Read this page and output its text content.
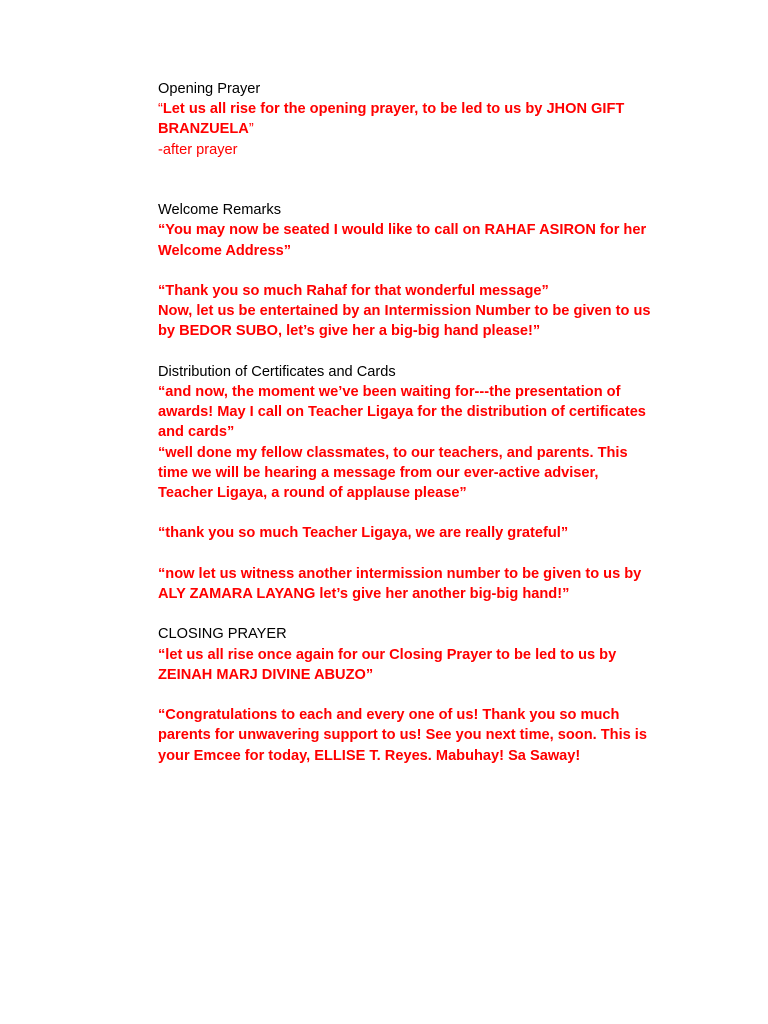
Opening Prayer
“Let us all rise for the opening prayer, to be led to us by JHON GIFT
BRANZUELA”
-after prayer
Welcome Remarks
“You may now be seated I would like to call on RAHAF ASIRON for her
Welcome Address”
“Thank you so much Rahaf for that wonderful message”
Now, let us be entertained by an Intermission Number to be given to us
by BEDOR SUBO, let’s give her a big-big hand please!”
Distribution of Certificates and Cards
“and now, the moment we’ve been waiting for---the presentation of
awards! May I call on Teacher Ligaya for the distribution of certificates
and cards”
“well done my fellow classmates, to our teachers, and parents. This
time we will be hearing a message from our ever-active adviser,
Teacher Ligaya, a round of applause please”
“thank you so much Teacher Ligaya, we are really grateful”
“now let us witness another intermission number to be given to us by
ALY ZAMARA LAYANG let’s give her another big-big hand!”
CLOSING PRAYER
“let us all rise once again for our Closing Prayer to be led to us by
ZEINAH MARJ DIVINE ABUZO”
“Congratulations to each and every one of us! Thank you so much
parents for unwavering support to us! See you next time, soon. This is
your Emcee for today, ELLISE T. Reyes. Mabuhay! Sa Saway!
